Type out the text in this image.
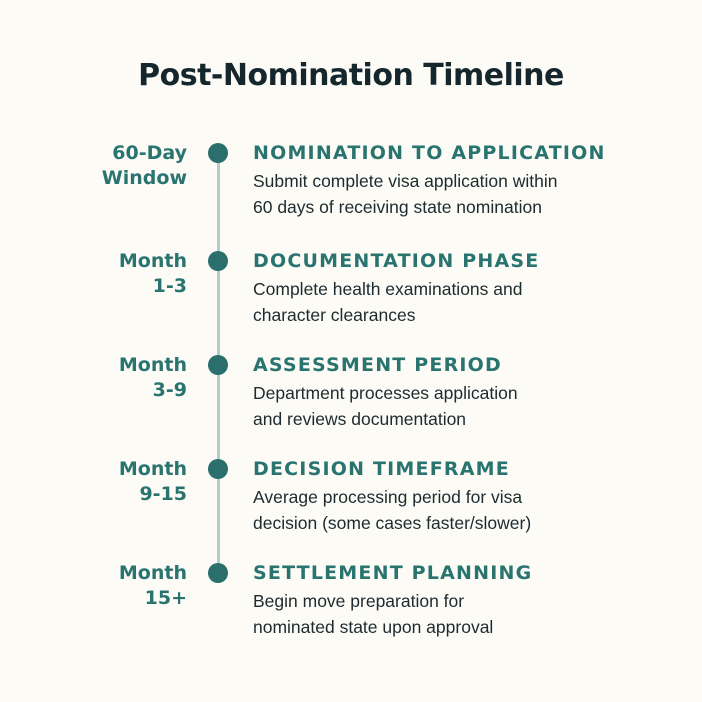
Post-Nomination Timeline
60-Day
Window
NOMINATION TO APPLICATION
Submit complete visa application within
60 days of receiving state nomination
Month
1-3
DOCUMENTATION PHASE
Complete health examinations and
character clearances
Month
3-9
ASSESSMENT PERIOD
Department processes application
and reviews documentation
Month
9-15
DECISION TIMEFRAME
Average processing period for visa
decision (some cases faster/slower)
Month
15+
SETTLEMENT PLANNING
Begin move preparation for
nominated state upon approval
